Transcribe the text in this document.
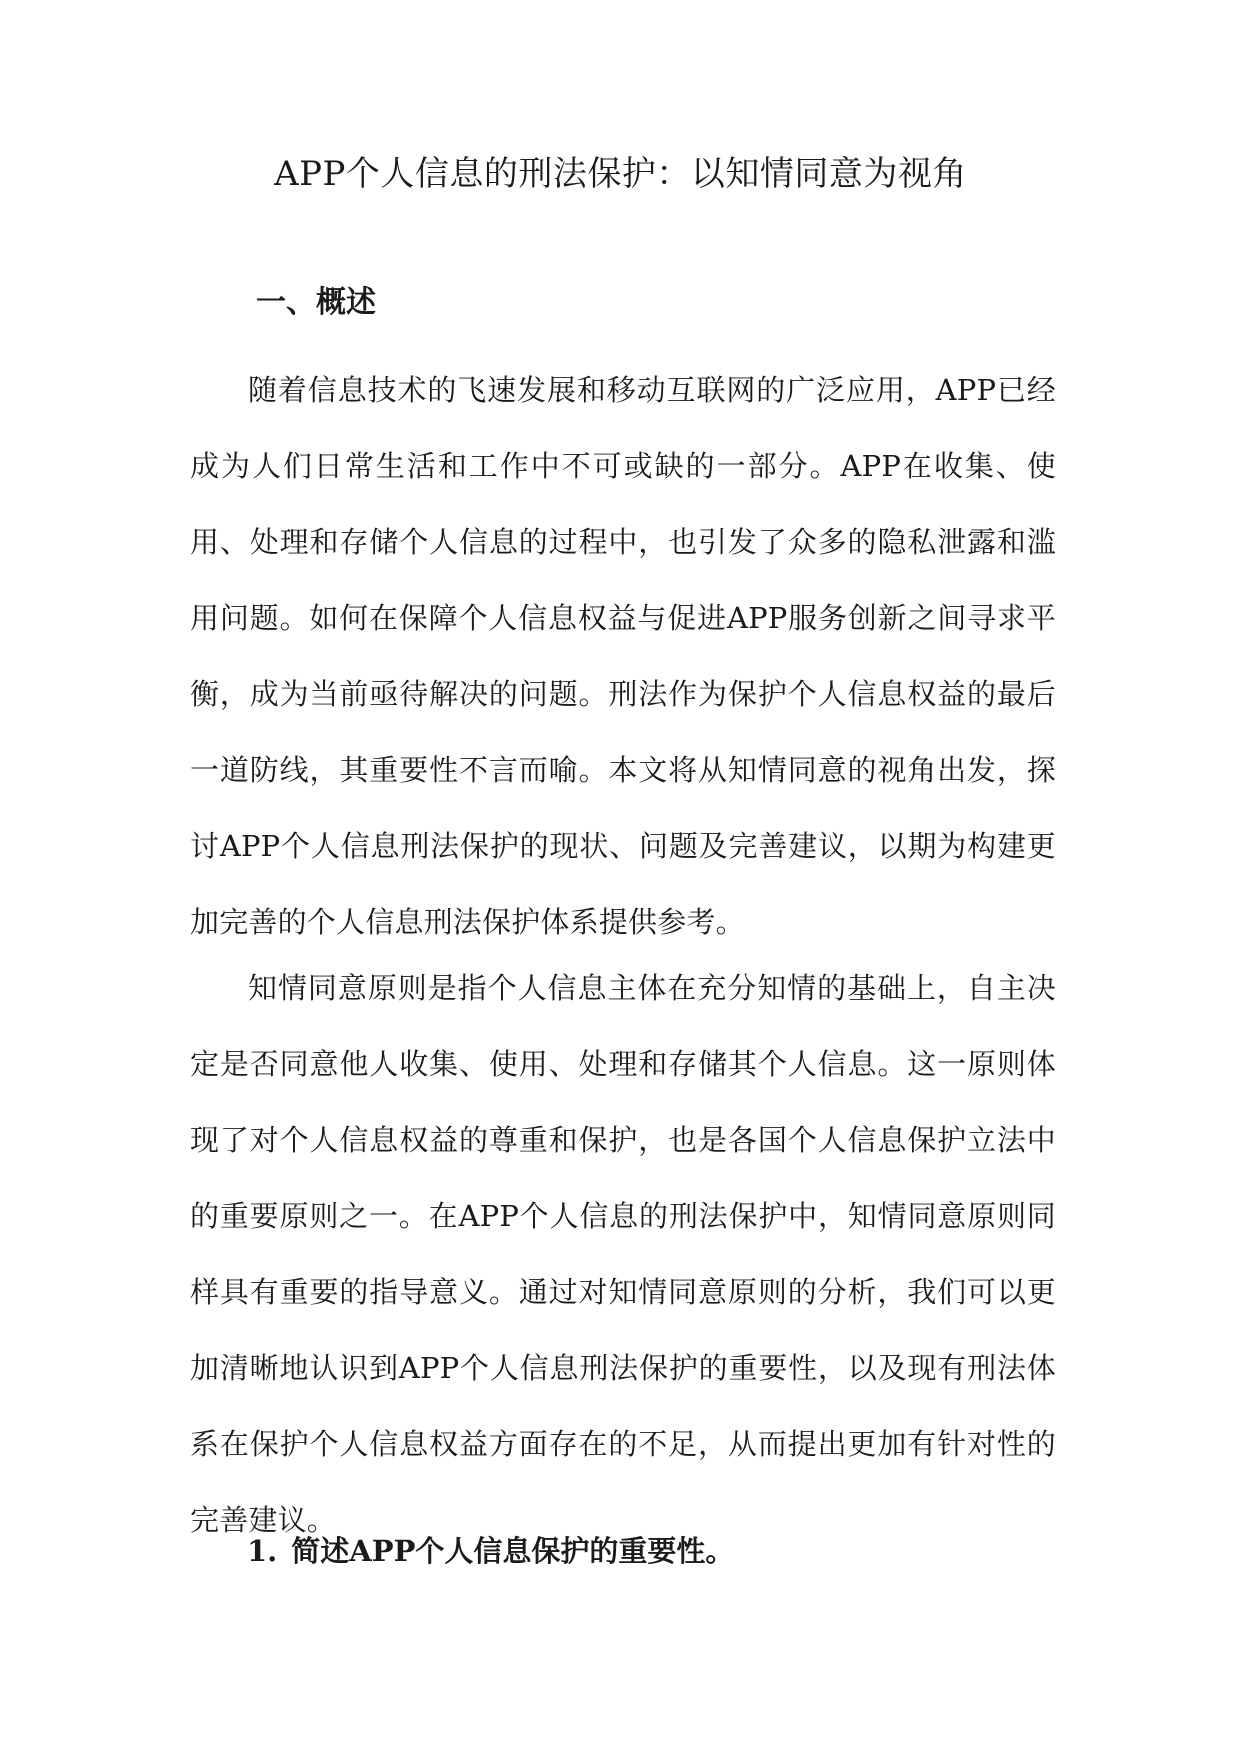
APP个人信息的刑法保护：以知情同意为视角
一、概述

随着信息技术的飞速发展和移动互联网的广泛应用，APP已经成为人们日常生活和工作中不可或缺的一部分。APP在收集、使用、处理和存储个人信息的过程中，也引发了众多的隐私泄露和滥用问题。如何在保障个人信息权益与促进APP服务创新之间寻求平衡，成为当前亟待解决的问题。刑法作为保护个人信息权益的最后一道防线，其重要性不言而喻。本文将从知情同意的视角出发，探讨APP个人信息刑法保护的现状、问题及完善建议，以期为构建更加完善的个人信息刑法保护体系提供参考。

知情同意原则是指个人信息主体在充分知情的基础上，自主决定是否同意他人收集、使用、处理和存储其个人信息。这一原则体现了对个人信息权益的尊重和保护，也是各国个人信息保护立法中的重要原则之一。在APP个人信息的刑法保护中，知情同意原则同样具有重要的指导意义。通过对知情同意原则的分析，我们可以更加清晰地认识到APP个人信息刑法保护的重要性，以及现有刑法体系在保护个人信息权益方面存在的不足，从而提出更加有针对性的完善建议。

1. 简述APP个人信息保护的重要性。
